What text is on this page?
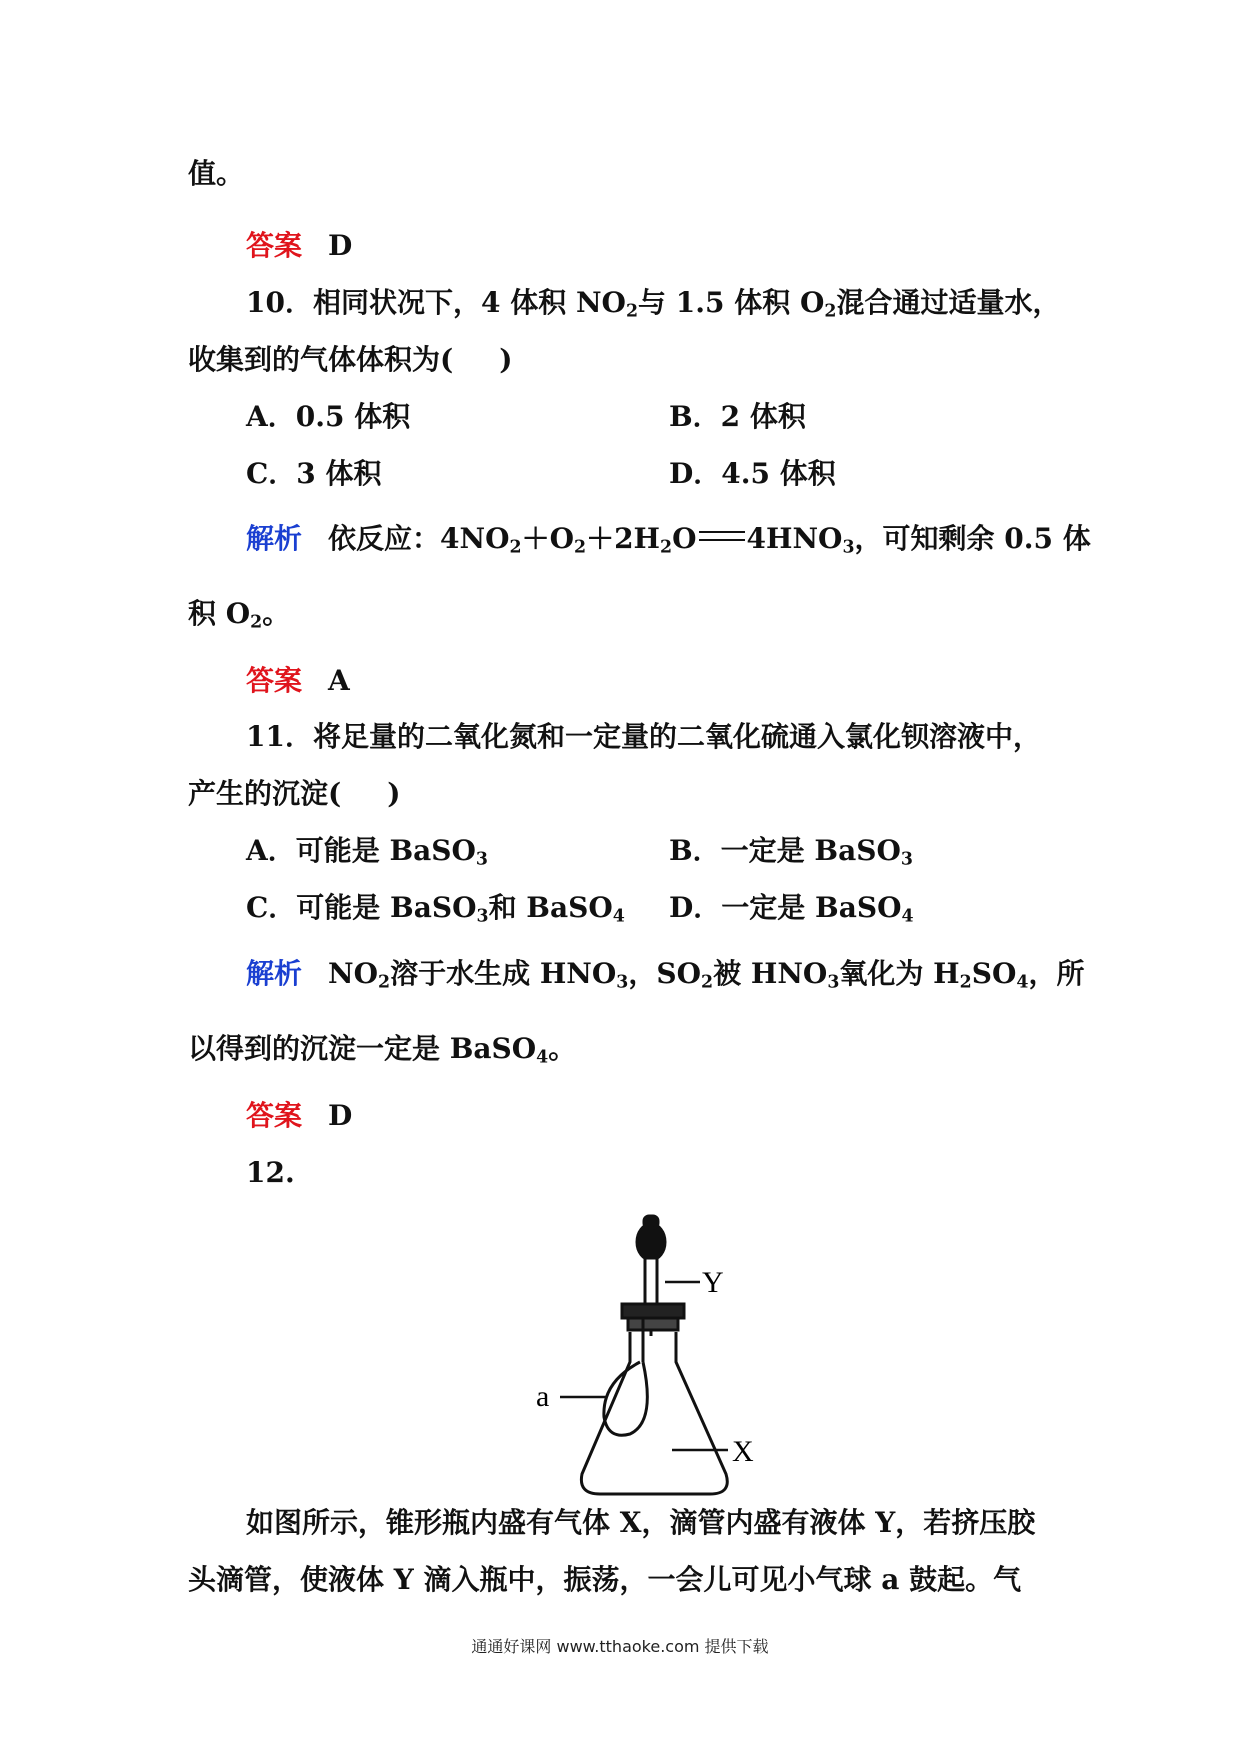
值。
答案 D
10．相同状况下，4 体积 $NO_2$与 1.5 体积 $O_2$混合通过适量水，
收集到的气体体积为( )
A．0.5 体积	B．2 体积
C．3 体积	D．4.5 体积
解析 依反应：$4NO_2+O_2+2H_2O$ $4HNO_3$，可知剩余 0.5 体
积 $O_2$。
答案 A
11．将足量的二氧化氮和一定量的二氧化硫通入氯化钡溶液中，
产生的沉淀( )
A．可能是 BaSO$_3$	B．一定是 BaSO$_3$
C．可能是 BaSO$_3$和 BaSO$_4$ D．一定是 BaSO$_4$
解析 $NO_2$溶于水生成 $HNO_3$，$SO_2$被 $HNO_3$氧化为 $H_2SO_4$，所
以得到的沉淀一定是 BaSO$_4$。
答案 D
12.
Y
a
X
如图所示，锥形瓶内盛有气体 X，滴管内盛有液体 Y，若挤压胶
头滴管，使液体 Y 滴入瓶中，振荡，一会儿可见小气球 a 鼓起。气
通通好课网 www.tthaoke.com 提供下载
